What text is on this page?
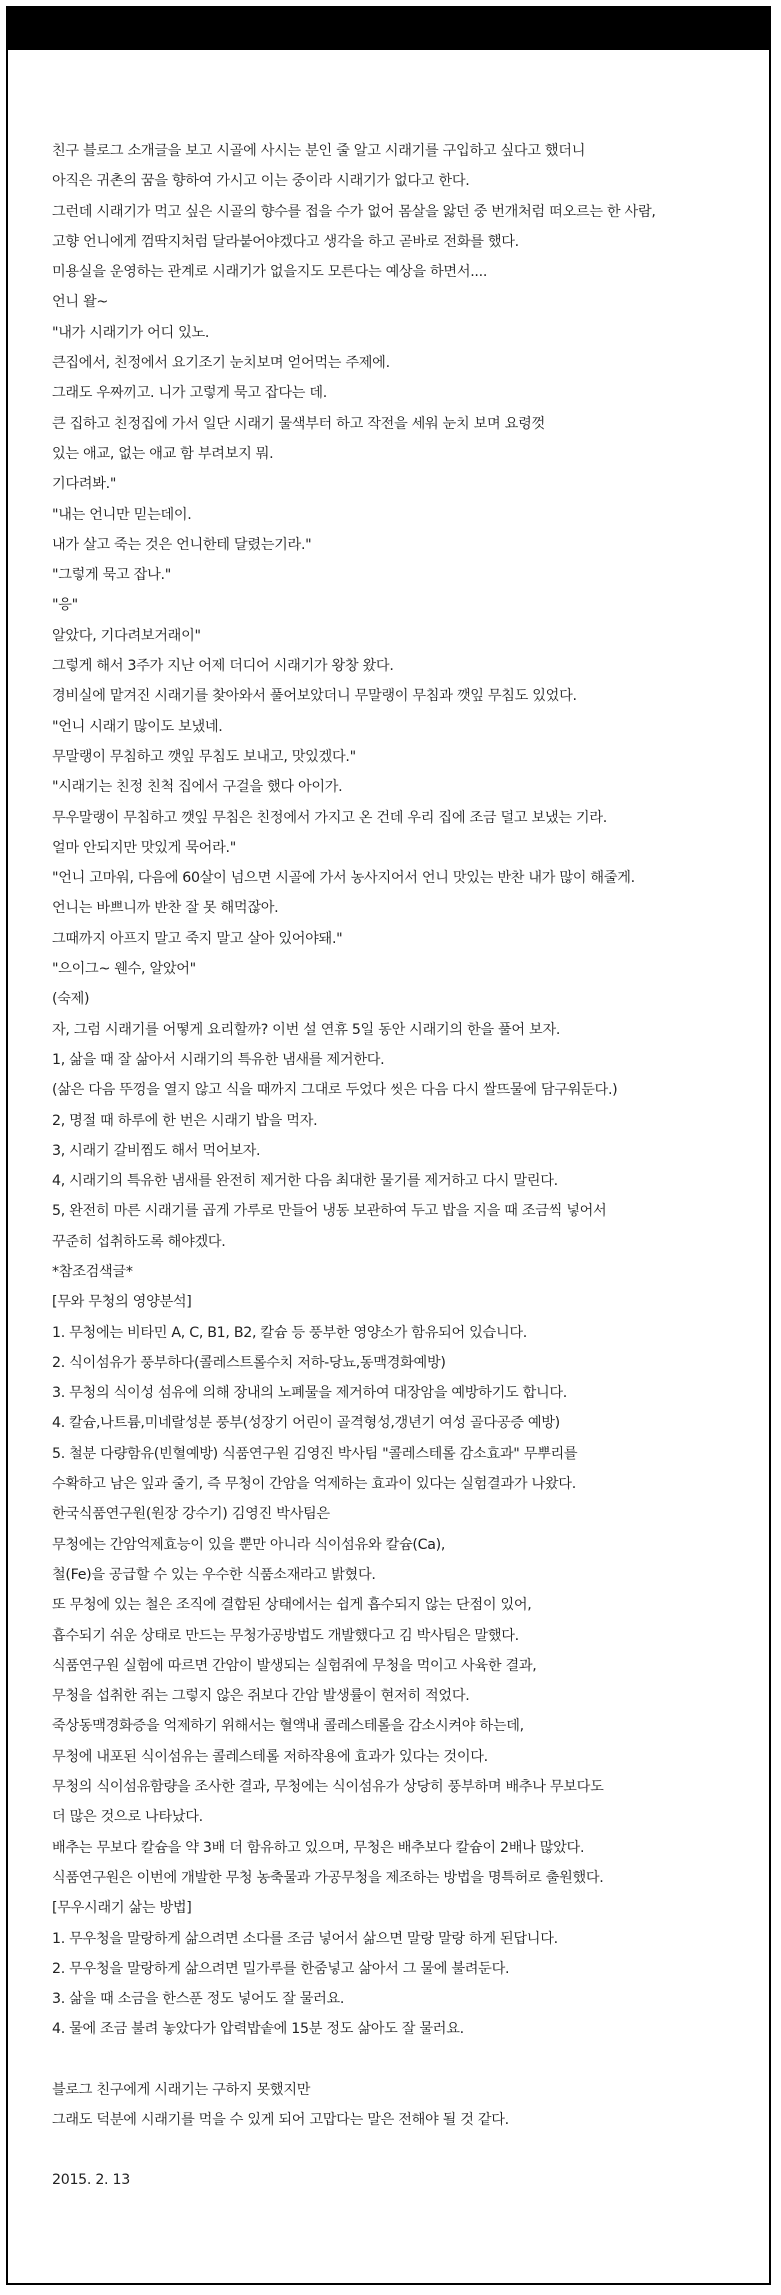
친구 블로그 소개글을 보고 시골에 사시는 분인 줄 알고 시래기를 구입하고 싶다고 했더니
아직은 귀촌의 꿈을 향하여 가시고 이는 중이라 시래기가 없다고 한다.
그런데 시래기가 먹고 싶은 시골의 향수를 접을 수가 없어 몸살을 앓던 중 번개처럼 떠오르는 한 사람,
고향 언니에게 껌딱지처럼 달라붙어야겠다고 생각을 하고 곧바로 전화를 했다.
미용실을 운영하는 관계로 시래기가 없을지도 모른다는 예상을 하면서....
언니 왈~
"내가 시래기가 어디 있노.
큰집에서, 친정에서 요기조기 눈치보며 얻어먹는 주제에.
그래도 우짜끼고. 니가 고렇게 묵고 잡다는 데.
큰 집하고 친정집에 가서 일단 시래기 물색부터 하고 작전을 세워 눈치 보며 요령껏
있는 애교, 없는 애교 함 부려보지 뭐.
기다려봐."
"내는 언니만 믿는데이.
내가 살고 죽는 것은 언니한테 달렸는기라."
"그렇게 묵고 잡나."
"응"
알았다, 기다려보거래이"
그렇게 해서 3주가 지난 어제 더디어 시래기가 왕창 왔다.
경비실에 맡겨진 시래기를 찾아와서 풀어보았더니 무말랭이 무침과 깻잎 무침도 있었다.
"언니 시래기 많이도 보냈네.
무말랭이 무침하고 깻잎 무침도 보내고, 맛있겠다."
"시래기는 친정 친척 집에서 구걸을 했다 아이가.
무우말랭이 무침하고 깻잎 무침은 친정에서 가지고 온 건데 우리 집에 조금 덜고 보냈는 기라.
얼마 안되지만 맛있게 묵어라."
"언니 고마워, 다음에 60살이 넘으면 시골에 가서 농사지어서 언니 맛있는 반찬 내가 많이 해줄게.
언니는 바쁘니까 반찬 잘 못 해먹잖아.
그때까지 아프지 말고 죽지 말고 살아 있어야돼."
"으이그~ 웬수, 알았어"
(숙제)
자, 그럼 시래기를 어떻게 요리할까? 이번 설 연휴 5일 동안 시래기의 한을 풀어 보자.
1, 삶을 때 잘 삶아서 시래기의 특유한 냄새를 제거한다.
(삶은 다음 뚜껑을 열지 않고 식을 때까지 그대로 두었다 씻은 다음 다시 쌀뜨물에 담구워둔다.)
2, 명절 때 하루에 한 번은 시래기 밥을 먹자.
3, 시래기 갈비찜도 해서 먹어보자.
4, 시래기의 특유한 냄새를 완전히 제거한 다음 최대한 물기를 제거하고 다시 말린다.
5, 완전히 마른 시래기를 곱게 가루로 만들어 냉동 보관하여 두고 밥을 지을 때 조금씩 넣어서
꾸준히 섭취하도록 해야겠다.
*참조검색글*
[무와 무청의 영양분석]
1. 무청에는 비타민 A, C, B1, B2, 칼슘 등 풍부한 영양소가 함유되어 있습니다.
2. 식이섬유가 풍부하다(콜레스트롤수치 저하-당뇨,동맥경화예방)
3. 무청의 식이성 섬유에 의해 장내의 노폐물을 제거하여 대장암을 예방하기도 합니다.
4. 칼슘,나트륨,미네랄성분 풍부(성장기 어린이 골격형성,갱년기 여성 골다공증 예방)
5. 철분 다량함유(빈혈예방) 식품연구원 김영진 박사팀 "콜레스테롤 감소효과" 무뿌리를
수확하고 남은 잎과 줄기, 즉 무청이 간암을 억제하는 효과이 있다는 실험결과가 나왔다.
한국식품연구원(원장 강수기) 김영진 박사팀은
무청에는 간암억제효능이 있을 뿐만 아니라 식이섬유와 칼슘(Ca),
철(Fe)을 공급할 수 있는 우수한 식품소재라고 밝혔다.
또 무청에 있는 철은 조직에 결합된 상태에서는 쉽게 흡수되지 않는 단점이 있어,
흡수되기 쉬운 상태로 만드는 무청가공방법도 개발했다고 김 박사팀은 말했다.
식품연구원 실험에 따르면 간암이 발생되는 실험쥐에 무청을 먹이고 사육한 결과,
무청을 섭취한 쥐는 그렇지 않은 쥐보다 간암 발생률이 현저히 적었다.
죽상동맥경화증을 억제하기 위해서는 혈액내 콜레스테롤을 감소시켜야 하는데,
무청에 내포된 식이섬유는 콜레스테롤 저하작용에 효과가 있다는 것이다.
무청의 식이섬유함량을 조사한 결과, 무청에는 식이섬유가 상당히 풍부하며 배추나 무보다도
더 많은 것으로 나타났다.
배추는 무보다 칼슘을 약 3배 더 함유하고 있으며, 무청은 배추보다 칼슘이 2배나 많았다.
식품연구원은 이번에 개발한 무청 농축물과 가공무청을 제조하는 방법을 명특허로 출원했다.
[무우시래기 삶는 방법]
1. 무우청을 말랑하게 삶으려면 소다를 조금 넣어서 삶으면 말랑 말랑 하게 된답니다.
2. 무우청을 말랑하게 삶으려면 밀가루를 한줌넣고 삶아서 그 물에 불려둔다.
3. 삶을 때 소금을 한스푼 정도 넣어도 잘 물러요.
4. 물에 조금 불려 놓았다가 압력밥솥에 15분 정도 삶아도 잘 물러요.
블로그 친구에게 시래기는 구하지 못했지만
그래도 덕분에 시래기를 먹을 수 있게 되어 고맙다는 말은 전해야 될 것 같다.
2015. 2. 13
